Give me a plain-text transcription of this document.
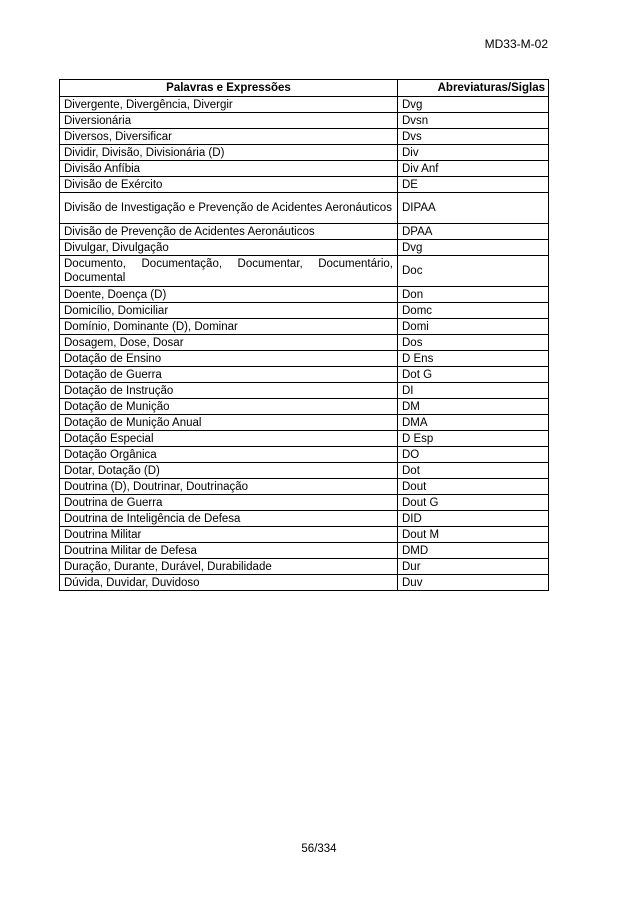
MD33-M-02
Palavras e Expressões	Abreviaturas/Siglas
Divergente, Divergência, Divergir	Dvg
Diversionária	Dvsn
Diversos, Diversificar	Dvs
Dividir, Divisão, Divisionária (D)	Div
Divisão Anfíbia	Div Anf
Divisão de Exército	DE
Divisão de Investigação e Prevenção de Acidentes Aeronáuticos	DIPAA
Divisão de Prevenção de Acidentes Aeronáuticos	DPAA
Divulgar, Divulgação	Dvg
Documento, Documentação, Documentar, Documentário, Documental	Doc
Doente, Doença (D)	Don
Domicílio, Domiciliar	Domc
Domínio, Dominante (D), Dominar	Domi
Dosagem, Dose, Dosar	Dos
Dotação de Ensino	D Ens
Dotação de Guerra	Dot G
Dotação de Instrução	DI
Dotação de Munição	DM
Dotação de Munição Anual	DMA
Dotação Especial	D Esp
Dotação Orgânica	DO
Dotar, Dotação (D)	Dot
Doutrina (D), Doutrinar, Doutrinação	Dout
Doutrina de Guerra	Dout G
Doutrina de Inteligência de Defesa	DID
Doutrina Militar	Dout M
Doutrina Militar de Defesa	DMD
Duração, Durante, Durável, Durabilidade	Dur
Dúvida, Duvidar, Duvidoso	Duv
56/334
